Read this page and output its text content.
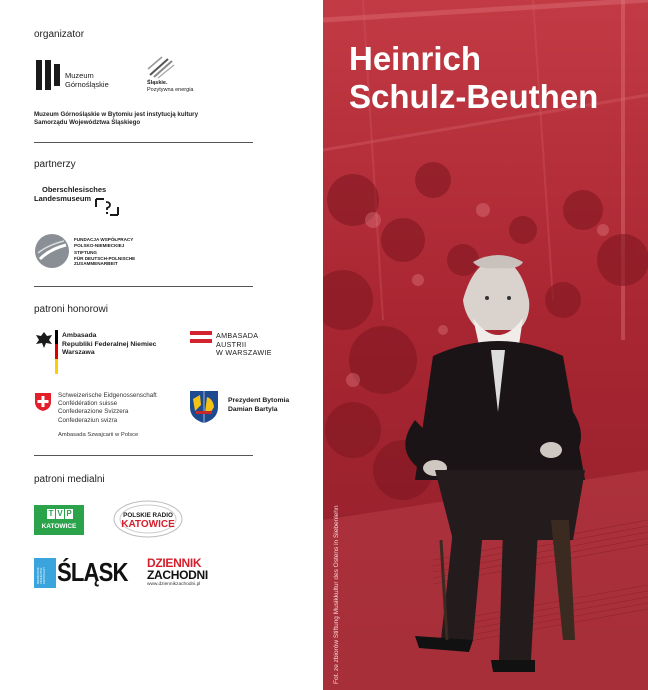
organizator
Muzeum
Górnośląskie	Śląskie.
Pozytywna energia
Muzeum Górnośląskie w Bytomiu jest instytucją kultury
Samorządu Województwa Śląskiego
partnerzy
Oberschlesisches
Landesmuseum
FUNDACJA WSPÓŁPRACY
POLSKO-NIEMIECKIEJ
STIFTUNG
FÜR DEUTSCH-POLNISCHE
ZUSAMMENARBEIT
patroni honorowi
Ambasada
Republiki Federalnej Niemiec
Warszawa
AMBASADA
AUSTRII
W WARSZAWIE
Schweizerische Eidgenossenschaft
Confédération suisse
Confederazione Svizzera
Confederaziun svizra
Ambasada Szwajcarii w Polsce
Prezydent Bytomia
Damian Bartyla
patroni medialni
T V P
KATOWICE
POLSKIE RADIO
KATOWICE
MIESIĘCZNIK SPOŁECZNO- KULTURALNY ŚLĄSK DZIENNIK
ZACHODNI
www.dziennikzachodni.pl
Heinrich
Schulz-Beuthen
Fot. ze zbiorów Stiftung Musikkultur des Ostens in Siebenlehn
